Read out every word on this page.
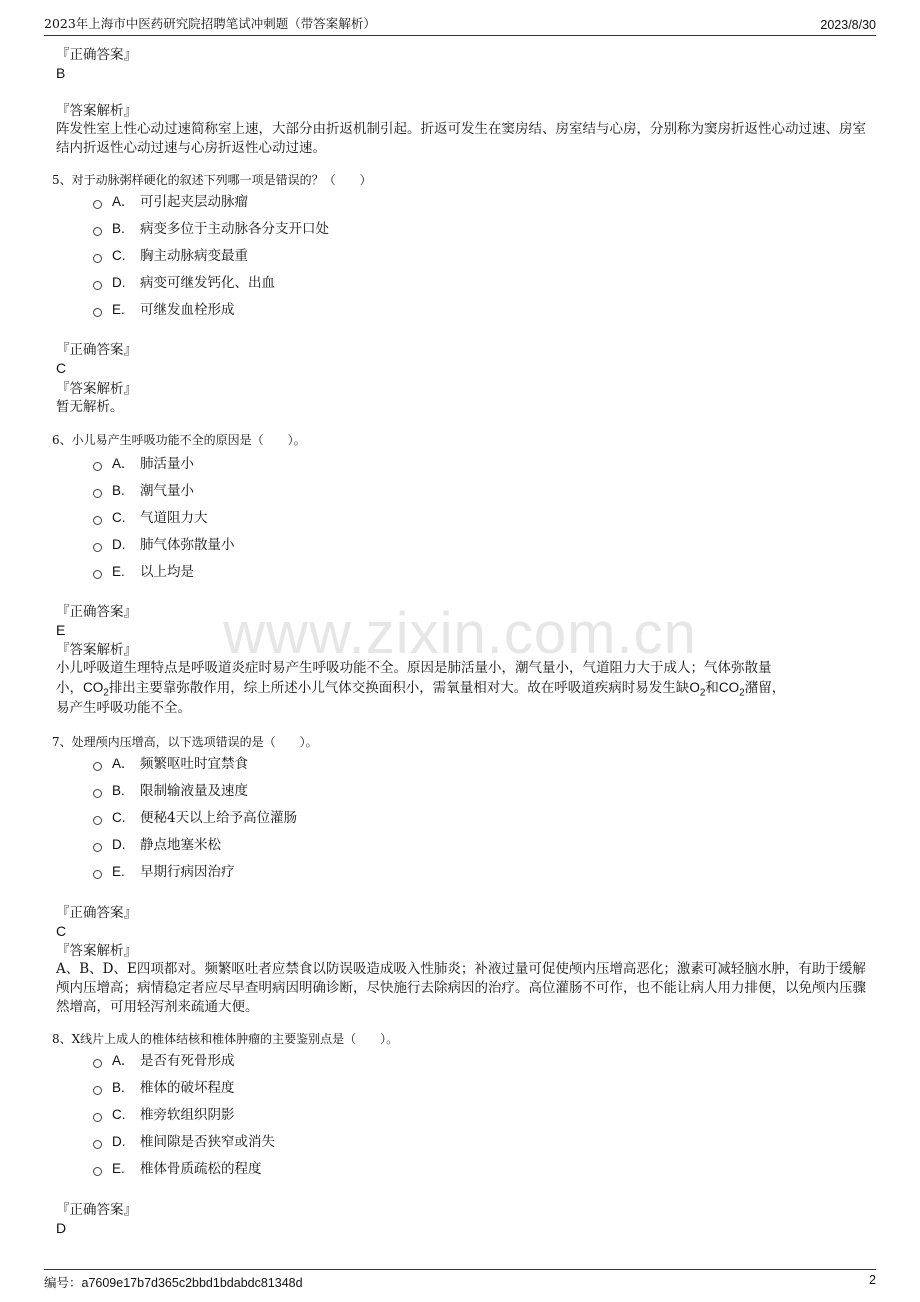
2023年上海市中医药研究院招聘笔试冲刺题（带答案解析）	2023/8/30
www.zixin.com.cn
『正确答案』
B
『答案解析』
阵发性室上性心动过速简称室上速，大部分由折返机制引起。折返可发生在窦房结、房室结与心房，分别称为窦房折返性心动过速、房室结内折返性心动过速与心房折返性心动过速。
5、对于动脉粥样硬化的叙述下列哪一项是错误的？（　　）
A． 可引起夹层动脉瘤
B.	病变多位于主动脉各分支开口处
C.	胸主动脉病变最重
D.	病变可继发钙化、出血
E.	可继发血栓形成
『正确答案』
C
『答案解析』
暂无解析。
6、小儿易产生呼吸功能不全的原因是（　　）。
A． 肺活量小
B.	潮气量小
C.	气道阻力大
D.	肺气体弥散量小
E.	以上均是
『正确答案』
E
『答案解析』
小儿呼吸道生理特点是呼吸道炎症时易产生呼吸功能不全。原因是肺活量小，潮气量小，气道阻力大于成人；气体弥散量
小，$CO_2$排出主要靠弥散作用，综上所述小儿气体交换面积小，需氧量相对大。故在呼吸道疾病时易发生缺$O_2$和$CO_2$潴留，
易产生呼吸功能不全。
7、处理颅内压增高，以下选项错误的是（　　）。
A． 频繁呕吐时宜禁食
B.	限制输液量及速度
C.	便秘4天以上给予高位灌肠
D.	静点地塞米松
E.	早期行病因治疗
『正确答案』
C
『答案解析』
A、B、D、E四项都对。频繁呕吐者应禁食以防误吸造成吸入性肺炎；补液过量可促使颅内压增高恶化；激素可减轻脑水肿，有助于缓解颅内压增高；病情稳定者应尽早查明病因明确诊断，尽快施行去除病因的治疗。高位灌肠不可作，也不能让病人用力排便，以免颅内压骤然增高，可用轻泻剂来疏通大便。
8、X线片上成人的椎体结核和椎体肿瘤的主要鉴别点是（　　）。
A． 是否有死骨形成
B.	椎体的破坏程度
C.	椎旁软组织阴影
D.	椎间隙是否狭窄或消失
E.	椎体骨质疏松的程度
『正确答案』
D
编号：a7609e17b7d365c2bbd1bdabdc81348d	2
